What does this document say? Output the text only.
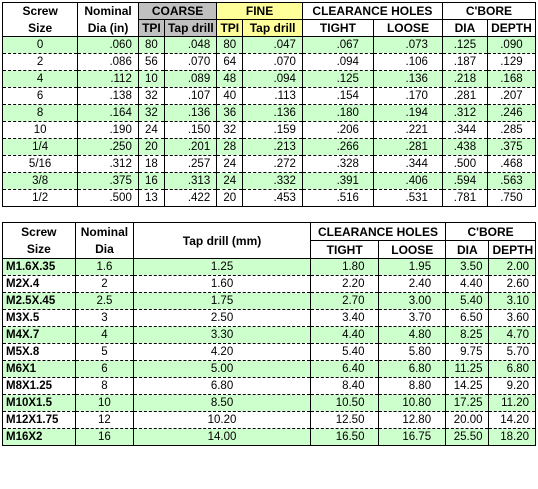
Screw	Nominal	COARSE		FINE		CLEARANCE HOLES		C'BORE	
Size	Dia (in)	TPI	Tap drill	TPI	Tap drill	TIGHT	LOOSE	DIA	DEPTH
0	.060	80	.048	80	.047	.067	.073	.125	.090
2	.086	56	.070	64	.070	.094	.106	.187	.129
4	.112	10	.089	48	.094	.125	.136	.218	.168
6	.138	32	.107	40	.113	.154	.170	.281	.207
8	.164	32	.136	36	.136	.180	.194	.312	.246
10	.190	24	.150	32	.159	.206	.221	.344	.285
1/4	.250	20	.201	28	.213	.266	.281	.438	.375
5/16	.312	18	.257	24	.272	.328	.344	.500	.468
3/8	.375	16	.313	24	.332	.391	.406	.594	.563
1/2	.500	13	.422	20	.453	.516	.531	.781	.750
Screw	Nominal	Tap drill (mm)	CLEARANCE HOLES		C'BORE	
Size	Dia		TIGHT	LOOSE	DIA	DEPTH
M1.6X.35	1.6	1.25	1.80	1.95	3.50	2.00
M2X.4	2	1.60	2.20	2.40	4.40	2.60
M2.5X.45	2.5	1.75	2.70	3.00	5.40	3.10
M3X.5	3	2.50	3.40	3.70	6.50	3.60
M4X.7	4	3.30	4.40	4.80	8.25	4.70
M5X.8	5	4.20	5.40	5.80	9.75	5.70
M6X1	6	5.00	6.40	6.80	11.25	6.80
M8X1.25	8	6.80	8.40	8.80	14.25	9.20
M10X1.5	10	8.50	10.50	10.80	17.25	11.20
M12X1.75	12	10.20	12.50	12.80	20.00	14.20
M16X2	16	14.00	16.50	16.75	25.50	18.20
